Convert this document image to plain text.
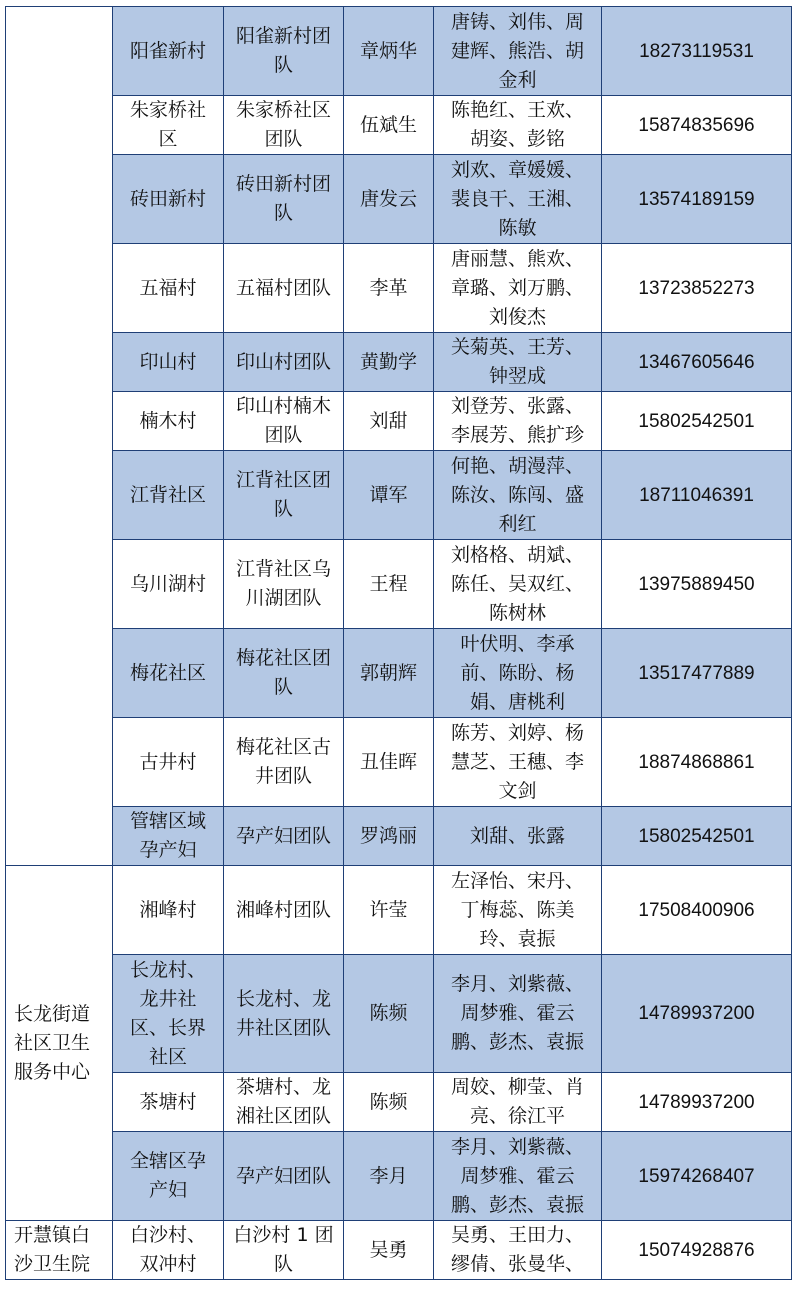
	阳雀新村	阳雀新村团队	章炳华	唐铸、刘伟、周建辉、熊浩、胡金利	18273119531
	朱家桥社区	朱家桥社区团队	伍斌生	陈艳红、王欢、胡姿、彭铭	15874835696
	砖田新村	砖田新村团队	唐发云	刘欢、章媛媛、裴良干、王湘、陈敏	13574189159
	五福村	五福村团队	李革	唐丽慧、熊欢、章璐、刘万鹏、刘俊杰	13723852273
	印山村	印山村团队	黄勤学	关菊英、王芳、钟翌成	13467605646
	楠木村	印山村楠木团队	刘甜	刘登芳、张露、李展芳、熊扩珍	15802542501
	江背社区	江背社区团队	谭军	何艳、胡漫萍、陈汝、陈闯、盛利红	18711046391
	乌川湖村	江背社区乌川湖团队	王程	刘格格、胡斌、陈任、吴双红、陈树林	13975889450
	梅花社区	梅花社区团队	郭朝辉	叶伏明、李承前、陈盼、杨娟、唐桃利	13517477889
	古井村	梅花社区古井团队	丑佳晖	陈芳、刘婷、杨慧芝、王穗、李文剑	18874868861
	管辖区域孕产妇	孕产妇团队	罗鸿丽	刘甜、张露	15802542501
长龙街道社区卫生服务中心	湘峰村	湘峰村团队	许莹	左泽怡、宋丹、丁梅蕊、陈美玲、袁振	17508400906
	长龙村、龙井社区、长界社区	长龙村、龙井社区团队	陈频	李月、刘紫薇、周梦雅、霍云鹏、彭杰、袁振	14789937200
	茶塘村	茶塘村、龙湘社区团队	陈频	周姣、柳莹、肖亮、徐江平	14789937200
	全辖区孕产妇	孕产妇团队	李月	李月、刘紫薇、周梦雅、霍云鹏、彭杰、袁振	15974268407
开慧镇白沙卫生院	白沙村、双冲村	白沙村 1 团队	吴勇	吴勇、王田力、缪倩、张曼华、	15074928876
